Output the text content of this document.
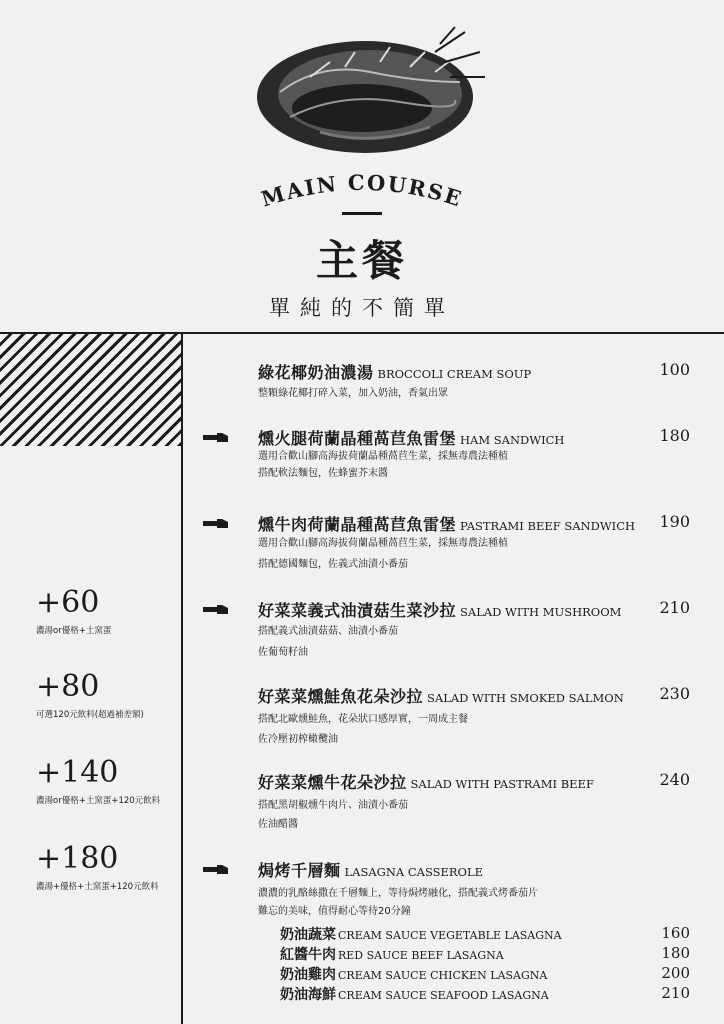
MAIN COURSE
主餐
單純的不簡單
+60
濃湯or優格+土窯蛋
+80
可選120元飲料(超過補差額)
+140
濃湯or優格+土窯蛋+120元飲料
+180
濃湯+優格+土窯蛋+120元飲料
綠花椰奶油濃湯 BROCCOLI CREAM SOUP	100
整顆綠花椰打碎入菜，加入奶油，香氣出眾
燻火腿荷蘭晶種萵苣魚雷堡 HAM SANDWICH	180
選用合歡山腳高海拔荷蘭晶種萵苣生菜，採無毒農法種植
搭配軟法麵包，佐蜂蜜芥末醬
燻牛肉荷蘭晶種萵苣魚雷堡 PASTRAMI BEEF SANDWICH 190
選用合歡山腳高海拔荷蘭晶種萵苣生菜，採無毒農法種植
搭配德國麵包，佐義式油漬小番茄
好菜菜義式油漬菇生菜沙拉 SALAD WITH MUSHROOM 210
搭配義式油漬菇菇、油漬小番茄
佐葡萄籽油
好菜菜燻鮭魚花朵沙拉 SALAD WITH SMOKED SALMON 230
搭配北歐燻鮭魚，花朵狀口感厚實，一周成主餐
佐冷壓初榨橄欖油
好菜菜燻牛花朵沙拉 SALAD WITH PASTRAMI BEEF	240
搭配黑胡椒燻牛肉片、油漬小番茄
佐油醋醬
焗烤千層麵 LASAGNA CASSEROLE
濃濃的乳酪絲撒在千層麵上，等待焗烤融化，搭配義式烤番茄片
難忘的美味，值得耐心等待20分鐘
奶油蔬菜 CREAM SAUCE VEGETABLE LASAGNA	160
紅醬牛肉 RED SAUCE BEEF LASAGNA	180
奶油雞肉 CREAM SAUCE CHICKEN LASAGNA	200
奶油海鮮 CREAM SAUCE SEAFOOD LASAGNA	210
